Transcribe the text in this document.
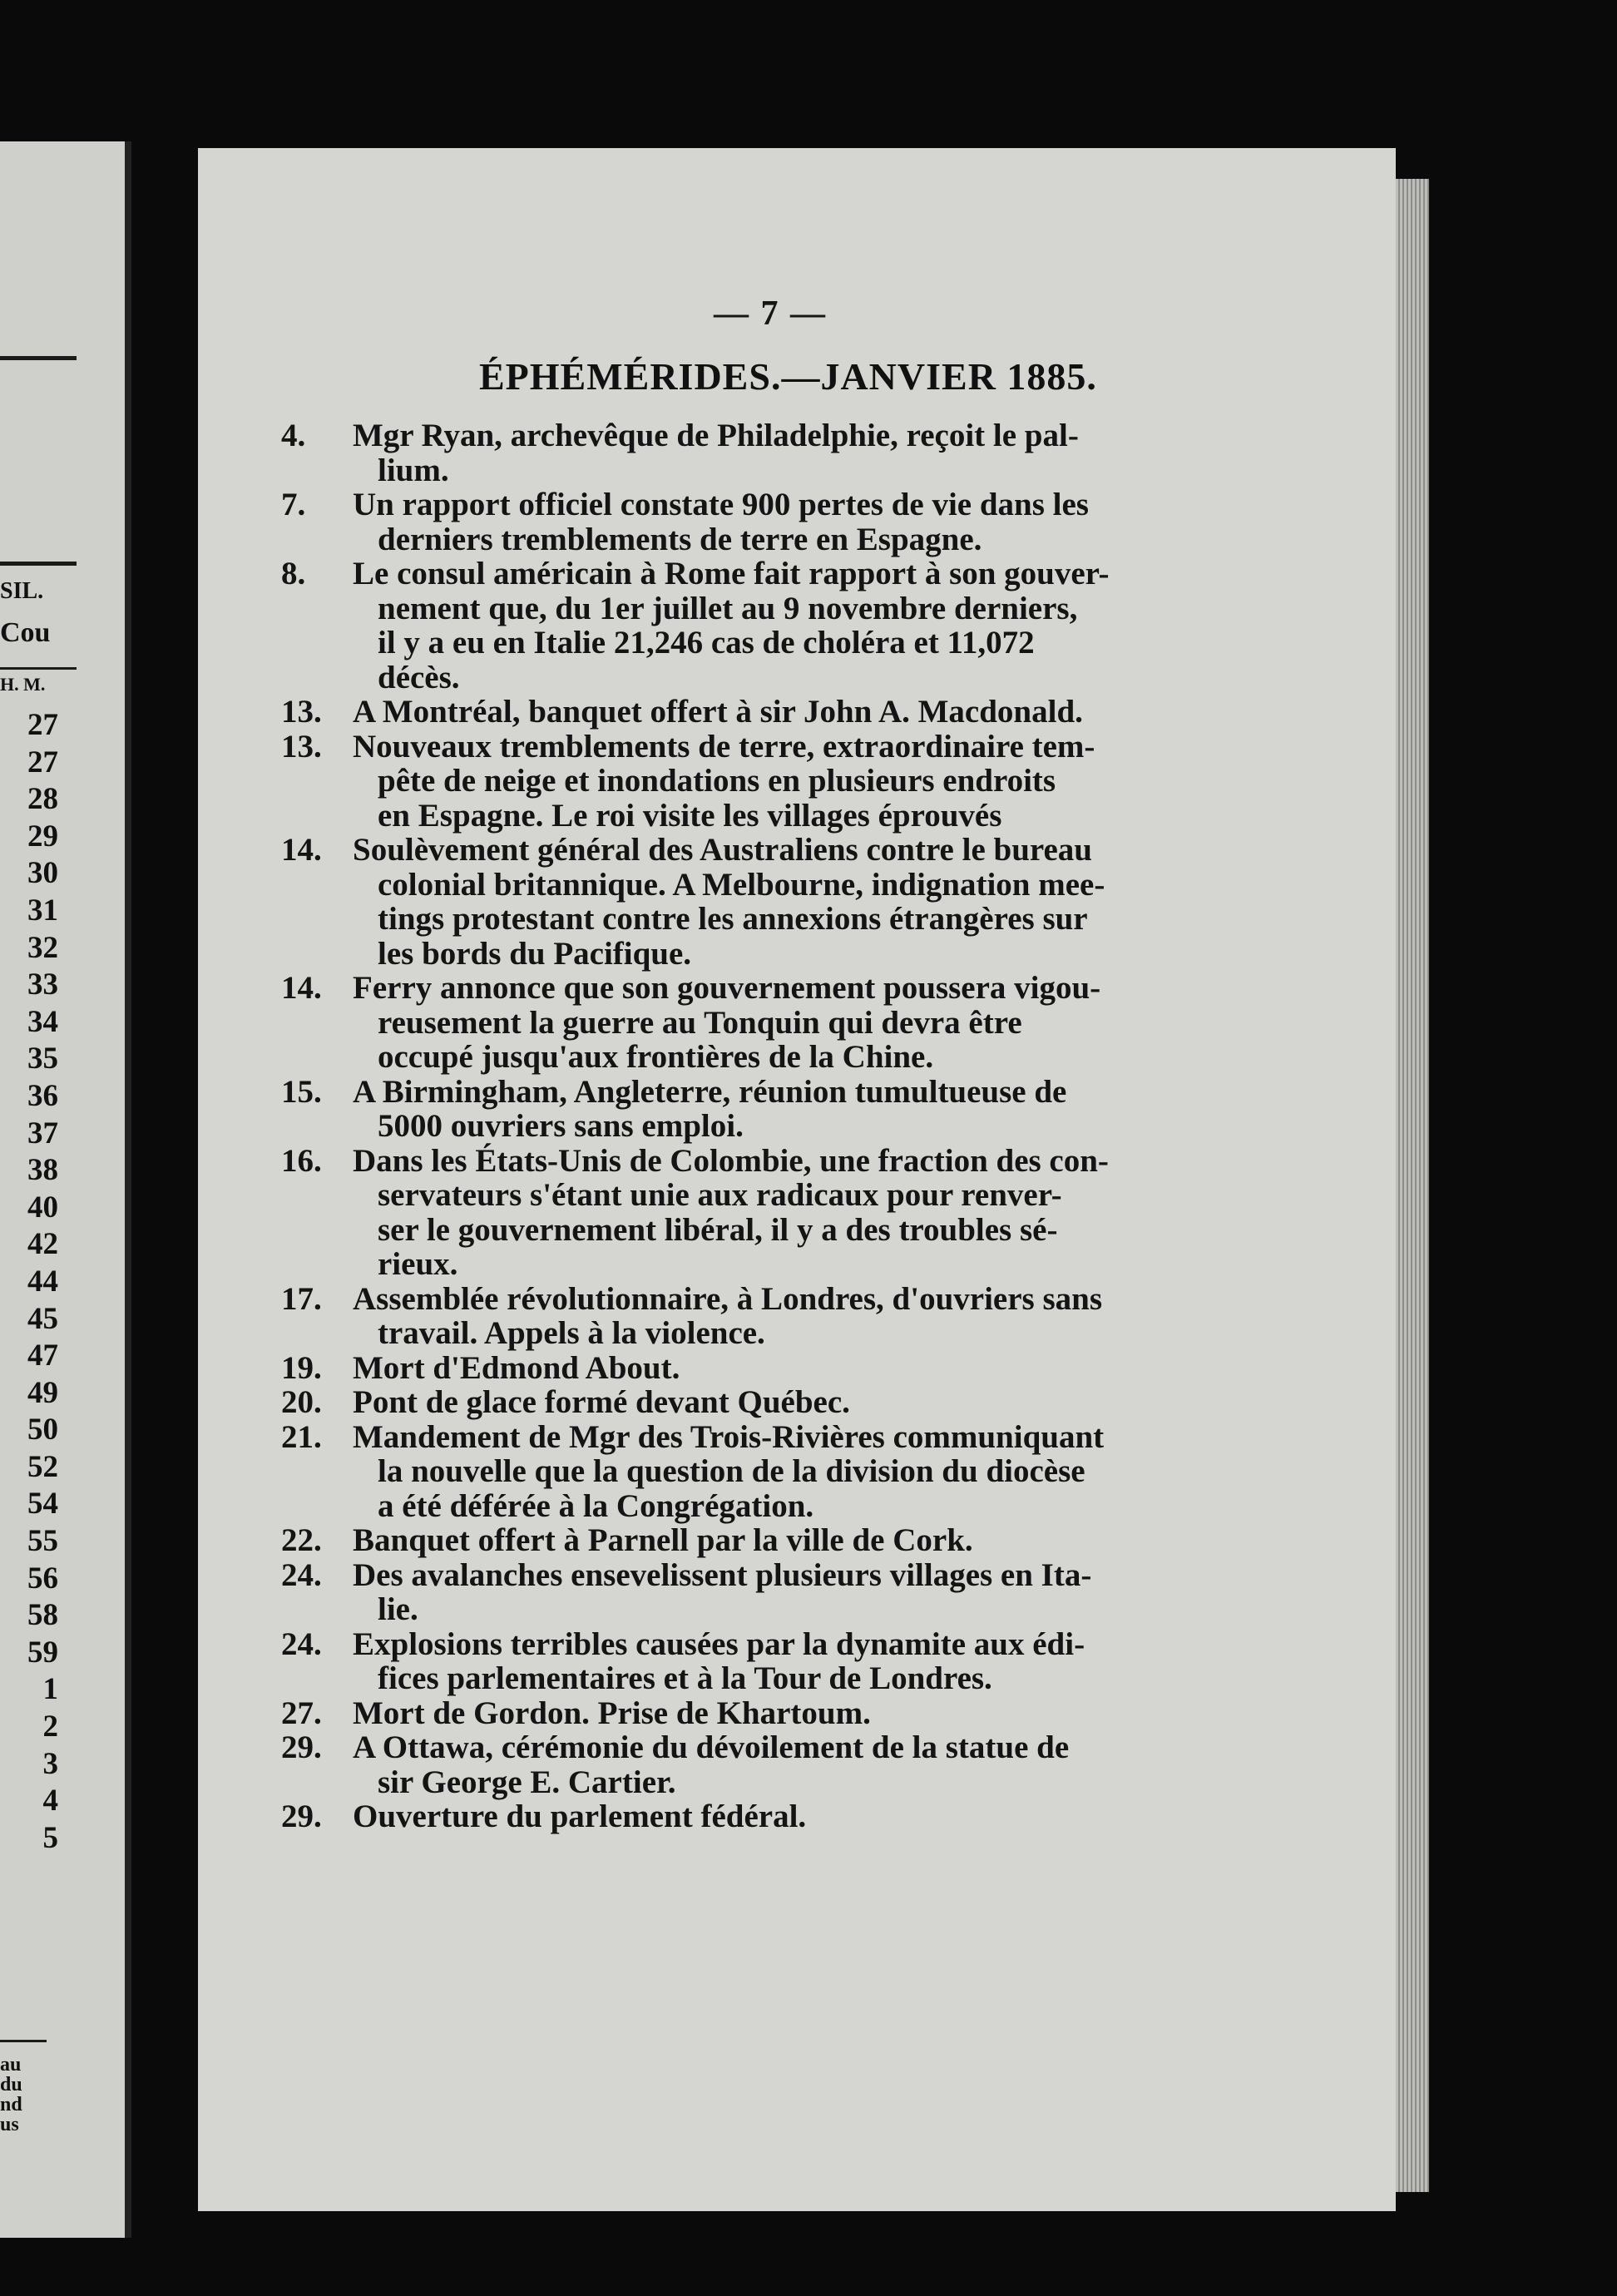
SIL.
Cou
H. M.
27
27
28
29
30
31
32
33
34
35
36
37
38
40
42
44
45
47
49
50
52
54
55
56
58
59
1
2
3
4
5
au
du
nd
us
— 7 —
ÉPHÉMÉRIDES.—JANVIER 1885.
4.	Mgr Ryan, archevêque de Philadelphie, reçoit le pal-
lium.
7.	Un rapport officiel constate 900 pertes de vie dans les
derniers tremblements de terre en Espagne.
8.	Le consul américain à Rome fait rapport à son gouver-
nement que, du 1er juillet au 9 novembre derniers,
il y a eu en Italie 21,246 cas de choléra et 11,072
décès.
13. A Montréal, banquet offert à sir John A. Macdonald.
13. Nouveaux tremblements de terre, extraordinaire tem-
pête de neige et inondations en plusieurs endroits
en Espagne. Le roi visite les villages éprouvés
14. Soulèvement général des Australiens contre le bureau
colonial britannique. A Melbourne, indignation mee-
tings protestant contre les annexions étrangères sur
les bords du Pacifique.
14. Ferry annonce que son gouvernement poussera vigou-
reusement la guerre au Tonquin qui devra être
occupé jusqu'aux frontières de la Chine.
15. A Birmingham, Angleterre, réunion tumultueuse de
5000 ouvriers sans emploi.
16. Dans les États-Unis de Colombie, une fraction des con-
servateurs s'étant unie aux radicaux pour renver-
ser le gouvernement libéral, il y a des troubles sé-
rieux.
17. Assemblée révolutionnaire, à Londres, d'ouvriers sans
travail. Appels à la violence.
19. Mort d'Edmond About.
20. Pont de glace formé devant Québec.
21. Mandement de Mgr des Trois-Rivières communiquant
la nouvelle que la question de la division du diocèse
a été déférée à la Congrégation.
22. Banquet offert à Parnell par la ville de Cork.
24. Des avalanches ensevelissent plusieurs villages en Ita-
lie.
24. Explosions terribles causées par la dynamite aux édi-
fices parlementaires et à la Tour de Londres.
27. Mort de Gordon. Prise de Khartoum.
29. A Ottawa, cérémonie du dévoilement de la statue de
sir George E. Cartier.
29. Ouverture du parlement fédéral.
